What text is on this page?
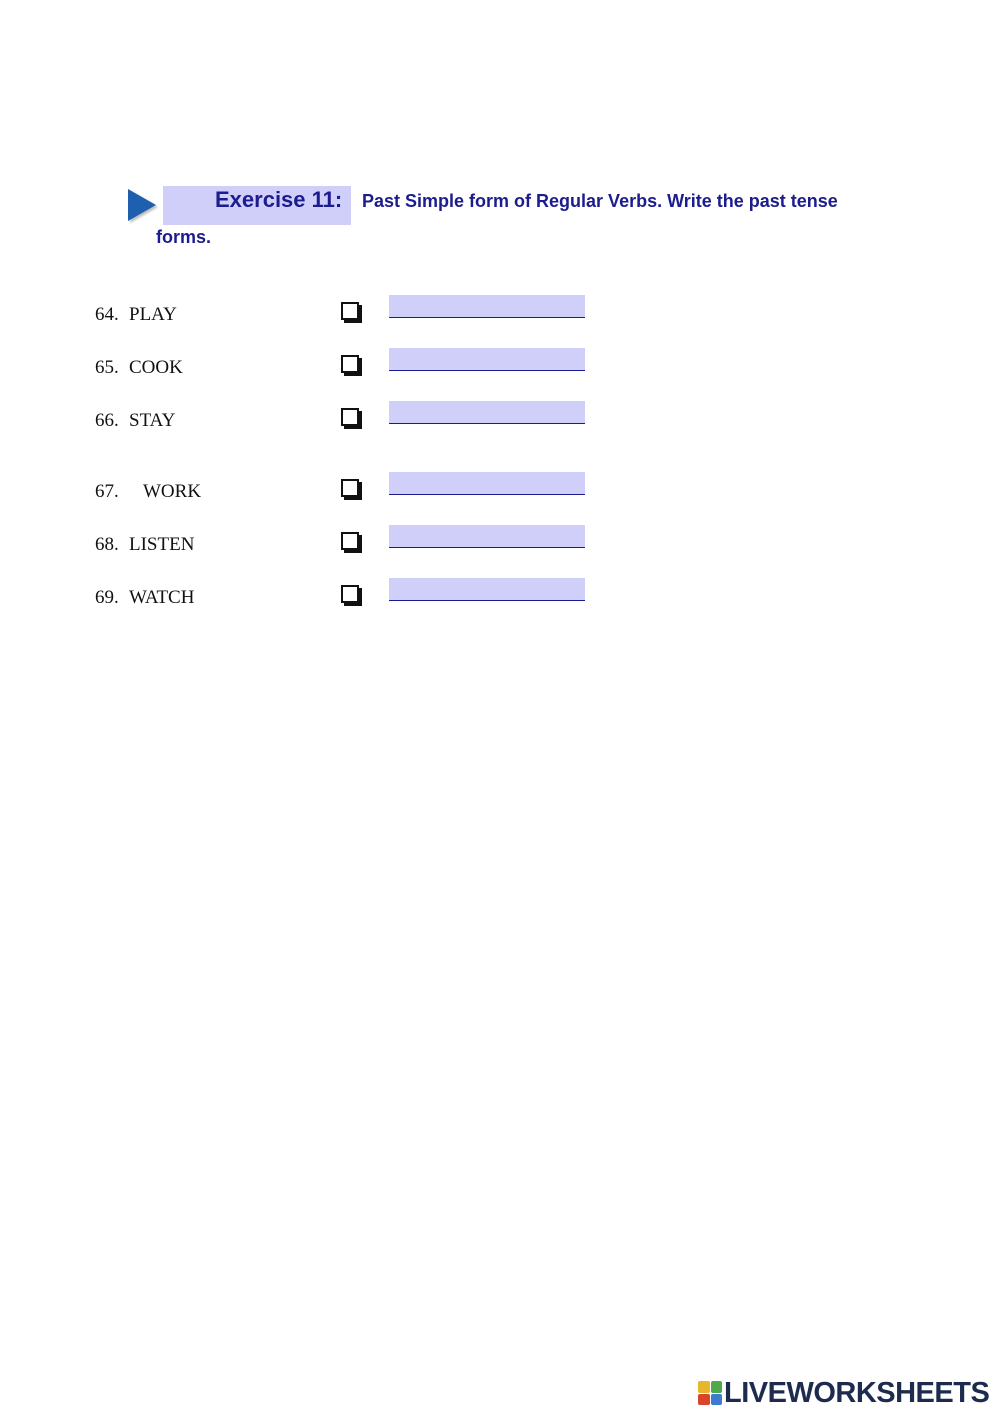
Exercise 11: Past Simple form of Regular Verbs. Write the past tense
forms.
64. PLAY
65. COOK
66. STAY
67. WORK
68. LISTEN
69. WATCH
LIVEWORKSHEETS
